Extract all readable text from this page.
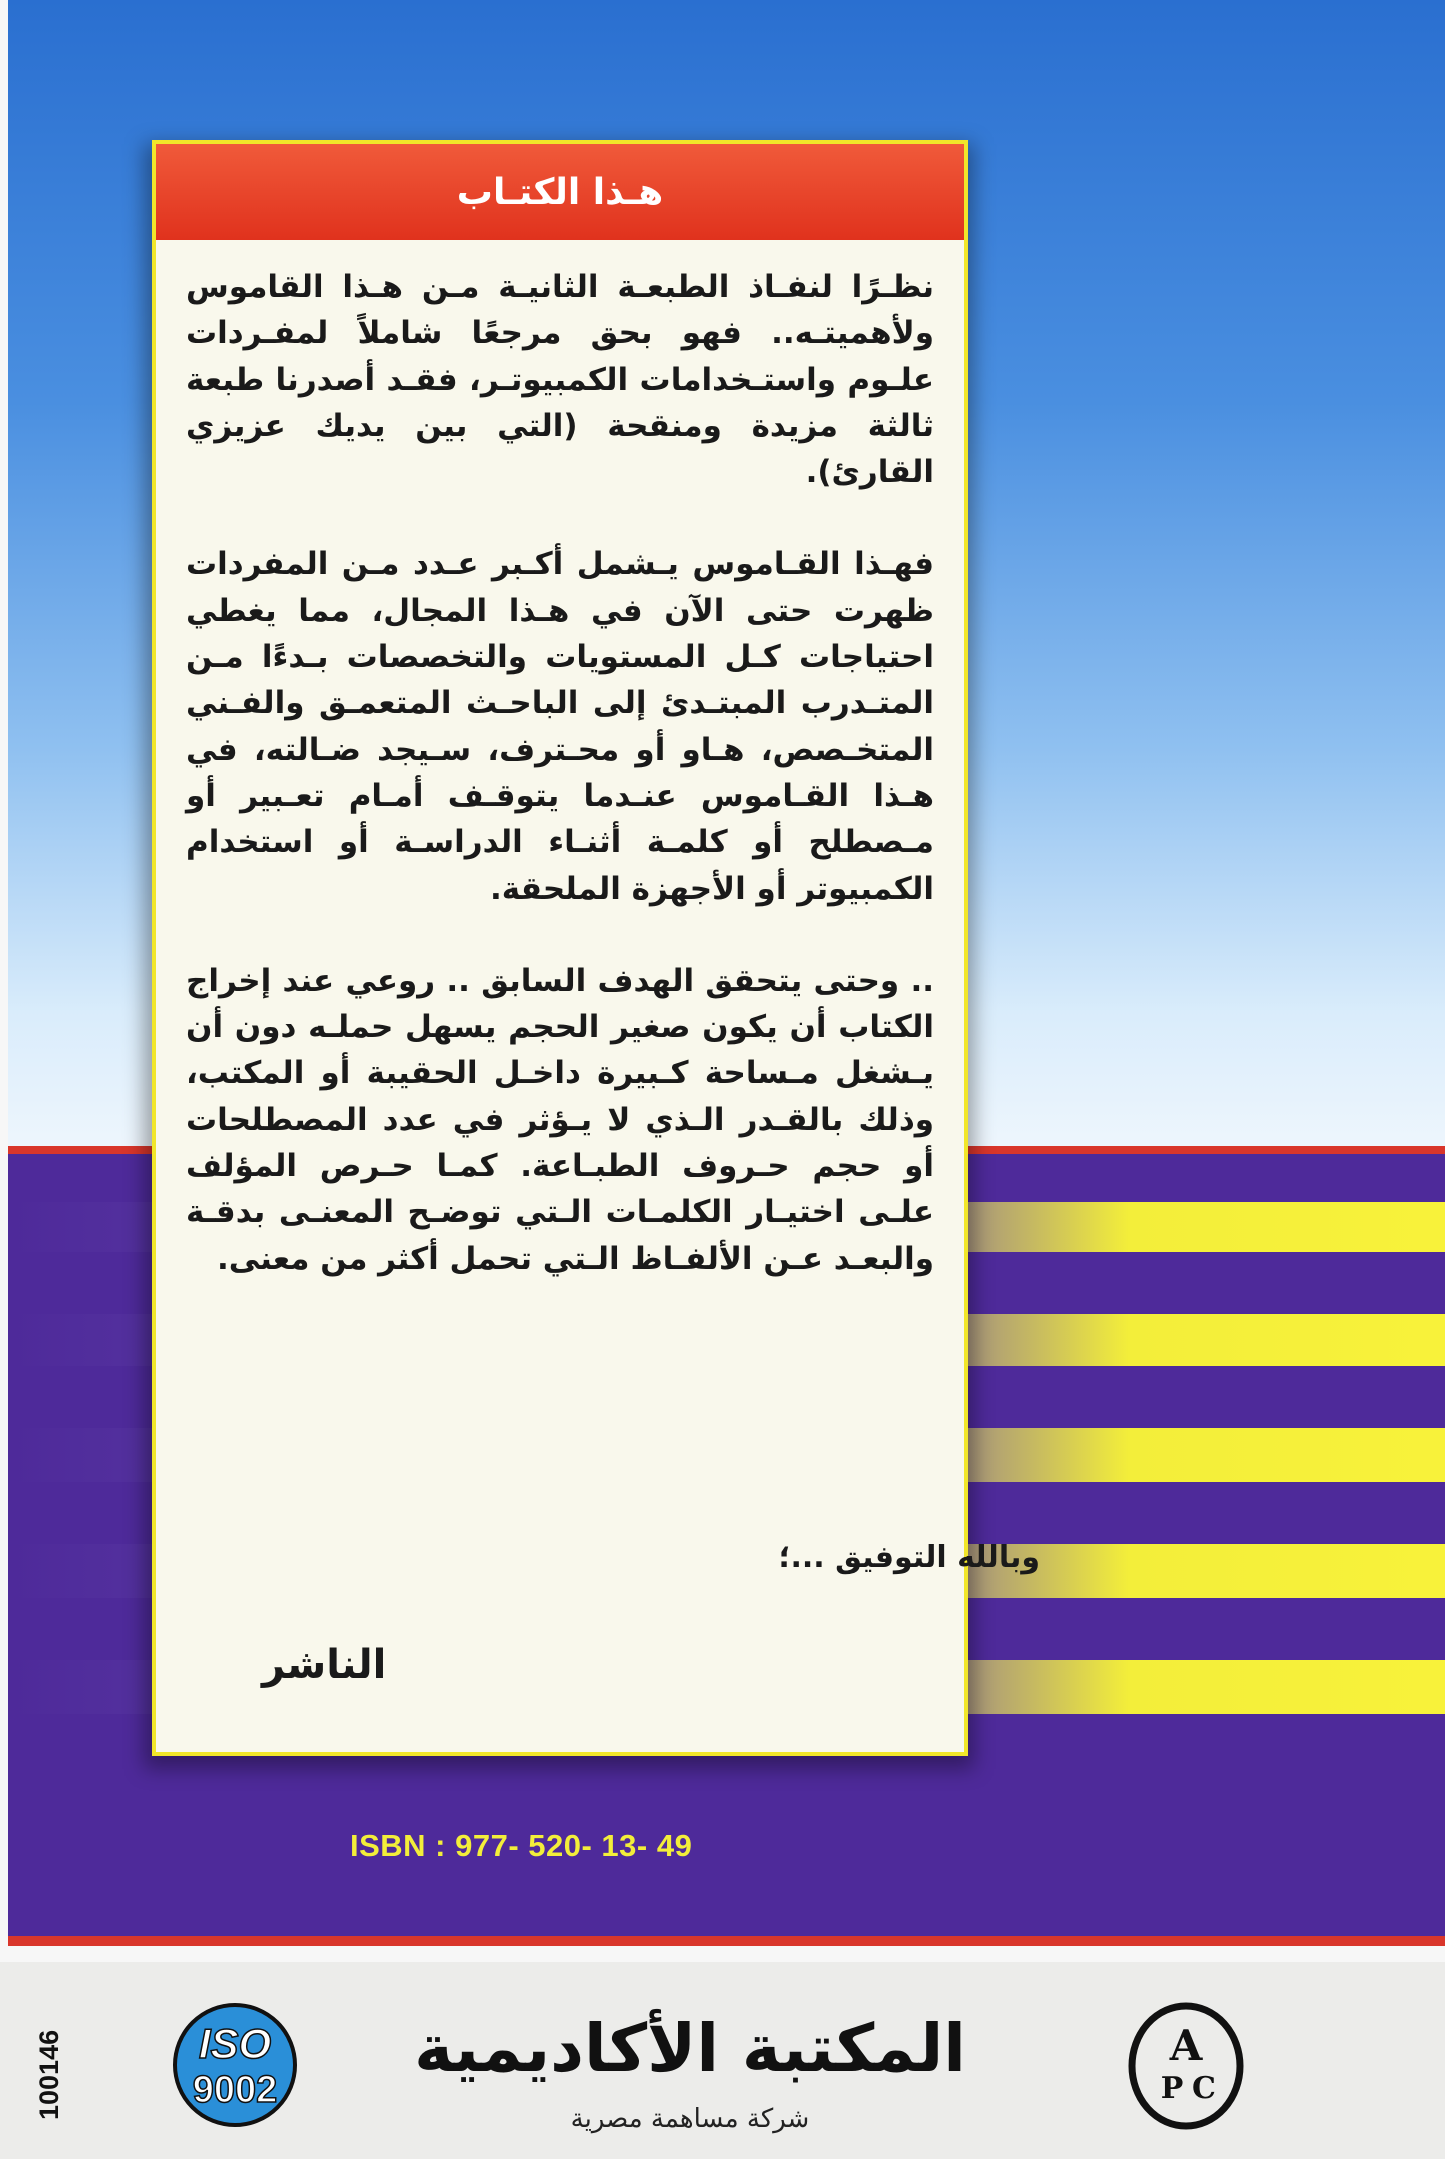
هـذا الكتـاب

نظـرًا لنفـاذ الطبعـة الثانيـة مـن هـذا القاموس ولأهميتـه.. فهو بحق مرجعًا شاملاً لمفـردات علـوم واستـخدامات الكمبيوتـر، فقـد أصدرنا طبعة ثالثة مزيدة ومنقحة (التي بين يديك عزيزي القارئ).

فهـذا القـاموس يـشمل أكـبر عـدد مـن المفردات ظهرت حتى الآن في هـذا المجال، مما يغطي احتياجات كـل المستويات والتخصصات بـدءًا مـن المتـدرب المبتـدئ إلى الباحـث المتعمـق والفـني المتخـصص، هـاو أو محـترف، سـيجد ضـالته، في هـذا القـاموس عنـدما يتوقـف أمـام تعـبير أو مـصطلح أو كلمـة أثنـاء الدراسـة أو استخدام الكمبيوتر أو الأجهزة الملحقة.

.. وحتى يتحقق الهدف السابق .. روعي عند إخراج الكتاب أن يكون صغير الحجم يسهل حملـه دون أن يـشغل مـساحة كـبيرة داخـل الحقيبة أو المكتب، وذلك بالقـدر الـذي لا يـؤثر في عدد المصطلحات أو حجم حـروف الطبـاعة. كمـا حـرص المؤلف علـى اختيـار الكلمـات الـتي توضـح المعنـى بدقـة والبعـد عـن الألفـاظ الـتي تحمل أكثر من معنى.

وبالله التوفيق ...؛
الناشر
ISBN : 977- 520- 13- 49
A
P C
المكتبة الأكاديمية
شركة مساهمة مصرية
ISO
9002
100146
